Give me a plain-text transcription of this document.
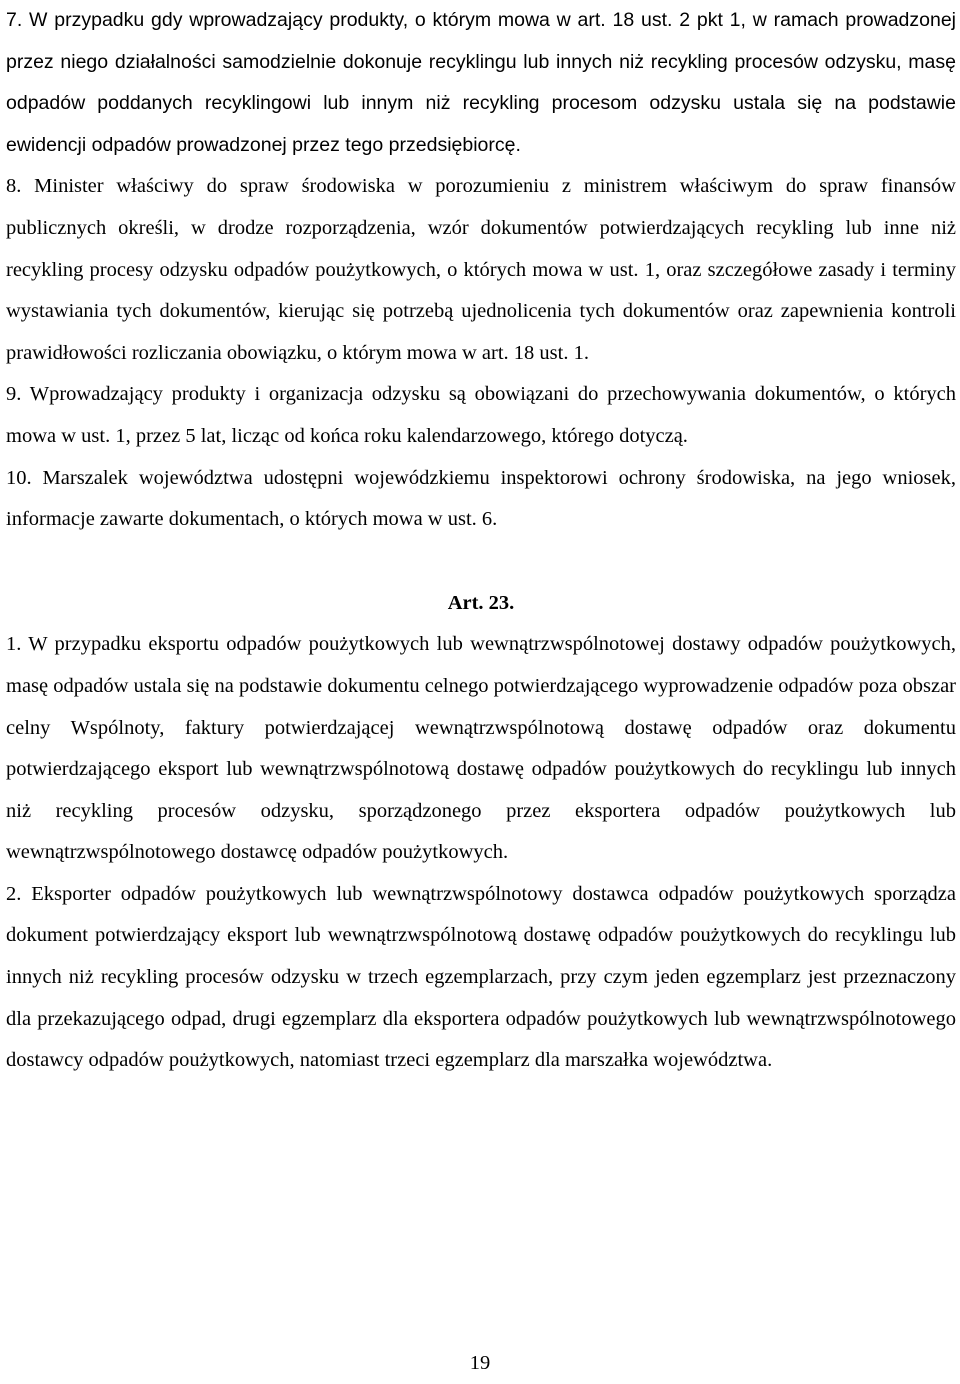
7. W przypadku gdy wprowadzający produkty, o którym mowa w art. 18 ust. 2 pkt 1, w ramach prowadzonej przez niego działalności samodzielnie dokonuje recyklingu lub innych niż recykling procesów odzysku, masę odpadów poddanych recyklingowi lub innym niż recykling procesom odzysku ustala się na podstawie ewidencji odpadów prowadzonej przez tego przedsiębiorcę.

8. Minister właściwy do spraw środowiska w porozumieniu z ministrem właściwym do spraw finansów publicznych określi, w drodze rozporządzenia, wzór dokumentów potwierdzających recykling lub inne niż recykling procesy odzysku odpadów poużytkowych, o których mowa w ust. 1, oraz szczegółowe zasady i terminy wystawiania tych dokumentów, kierując się potrzebą ujednolicenia tych dokumentów oraz zapewnienia kontroli prawidłowości rozliczania obowiązku, o którym mowa w art. 18 ust. 1.

9. Wprowadzający produkty i organizacja odzysku są obowiązani do przechowywania dokumentów, o których mowa w ust. 1, przez 5 lat, licząc od końca roku kalendarzowego, którego dotyczą.

10. Marszalek województwa udostępni wojewódzkiemu inspektorowi ochrony środowiska, na jego wniosek, informacje zawarte dokumentach, o których mowa w ust. 6.

Art. 23.

1. W przypadku eksportu odpadów poużytkowych lub wewnątrzwspólnotowej dostawy odpadów poużytkowych, masę odpadów ustala się na podstawie dokumentu celnego potwierdzającego wyprowadzenie odpadów poza obszar celny Wspólnoty, faktury potwierdzającej wewnątrzwspólnotową dostawę odpadów oraz dokumentu potwierdzającego eksport lub wewnątrzwspólnotową dostawę odpadów poużytkowych do recyklingu lub innych niż recykling procesów odzysku, sporządzonego przez eksportera odpadów poużytkowych lub wewnątrzwspólnotowego dostawcę odpadów poużytkowych.

2. Eksporter odpadów poużytkowych lub wewnątrzwspólnotowy dostawca odpadów poużytkowych sporządza dokument potwierdzający eksport lub wewnątrzwspólnotową dostawę odpadów poużytkowych do recyklingu lub innych niż recykling procesów odzysku w trzech egzemplarzach, przy czym jeden egzemplarz jest przeznaczony dla przekazującego odpad, drugi egzemplarz dla eksportera odpadów poużytkowych lub wewnątrzwspólnotowego dostawcy odpadów poużytkowych, natomiast trzeci egzemplarz dla marszałka województwa.

19
